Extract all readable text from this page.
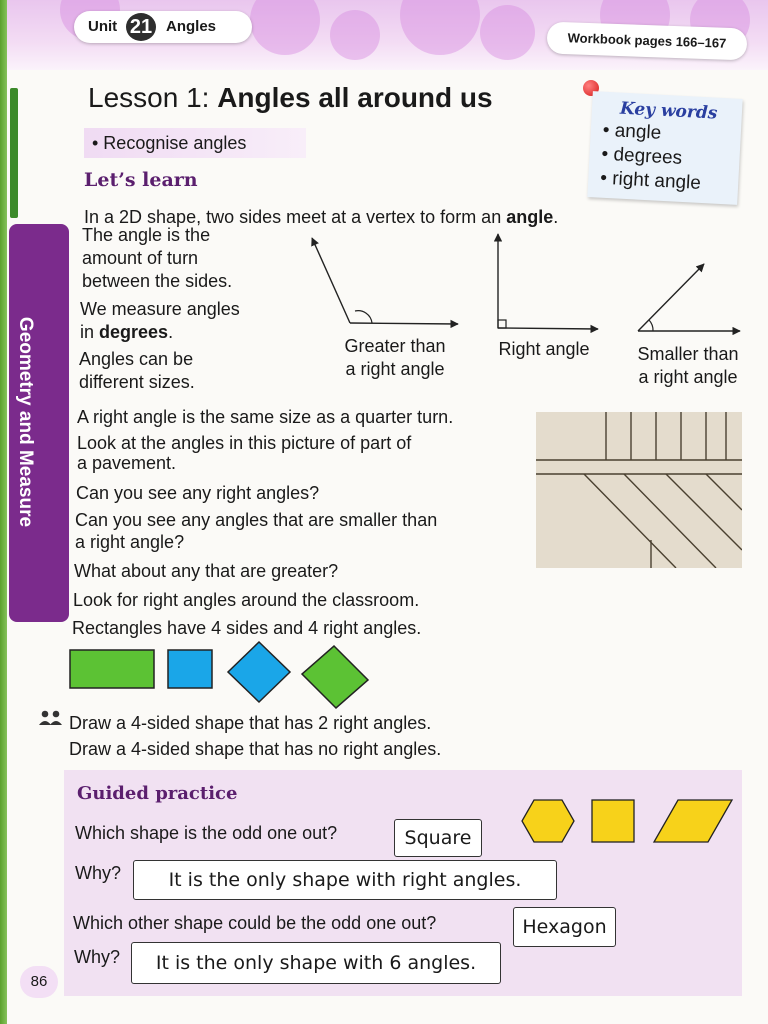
Unit 21 Angles
Workbook pages 166–167
Lesson 1: Angles all around us
• Recognise angles
Key words
• angle
• degrees
• right angle
Geometry and Measure
Let’s learn
In a 2D shape, two sides meet at a vertex to form an angle.
The angle is the
amount of turn
between the sides.
We measure angles
in degrees.
Angles can be
different sizes.
Greater than
a right angle
Right angle	Smaller than
a right angle
A right angle is the same size as a quarter turn.
Look at the angles in this picture of part of
a pavement.
Can you see any right angles?
Can you see any angles that are smaller than
a right angle?
What about any that are greater?
Look for right angles around the classroom.
Rectangles have 4 sides and 4 right angles.
Draw a 4-sided shape that has 2 right angles.
Draw a 4-sided shape that has no right angles.
Guided practice
Which shape is the odd one out?	Square
Why?	It is the only shape with right angles.
Which other shape could be the odd one out?	Hexagon
Why?	It is the only shape with 6 angles.
86
